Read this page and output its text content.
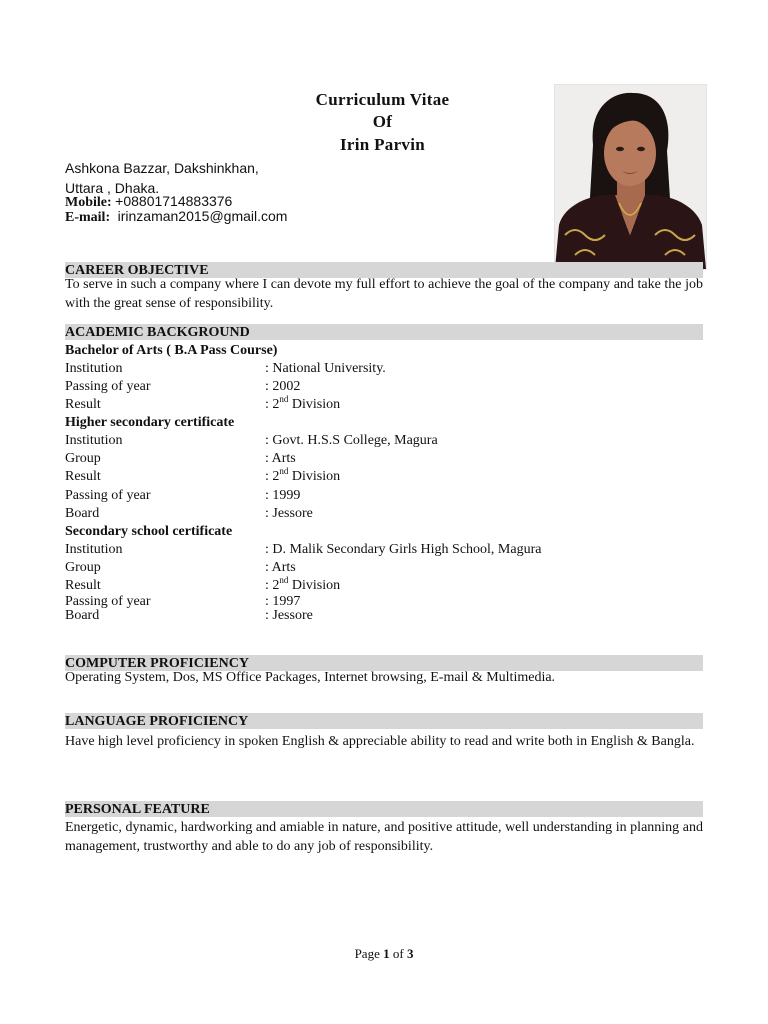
Curriculum Vitae
Of
Irin Parvin
Ashkona Bazzar, Dakshinkhan,
Uttara , Dhaka.
Mobile: +08801714883376
E-mail: irinzaman2015@gmail.com
CAREER OBJECTIVE
To serve in such a company where I can devote my full effort to achieve the goal of the company and take the job with the great sense of responsibility.
ACADEMIC BACKGROUND
Bachelor of Arts ( B.A Pass Course)
Institution	: National University.
Passing of year	: 2002
Result	: 2nd Division
Higher secondary certificate
Institution	: Govt. H.S.S College, Magura
Group	: Arts
Result	: 2nd Division
Passing of year	: 1999
Board	: Jessore
Secondary school certificate
Institution	: D. Malik Secondary Girls High School, Magura
Group	: Arts
Result	: 2nd Division
Passing of year	: 1997
Board	: Jessore
COMPUTER PROFICIENCY
Operating System, Dos, MS Office Packages, Internet browsing, E-mail & Multimedia.
LANGUAGE PROFICIENCY
Have high level proficiency in spoken English & appreciable ability to read and write both in English & Bangla.
PERSONAL FEATURE
Energetic, dynamic, hardworking and amiable in nature, and positive attitude, well understanding in planning and management, trustworthy and able to do any job of responsibility.
Page 1 of 3
